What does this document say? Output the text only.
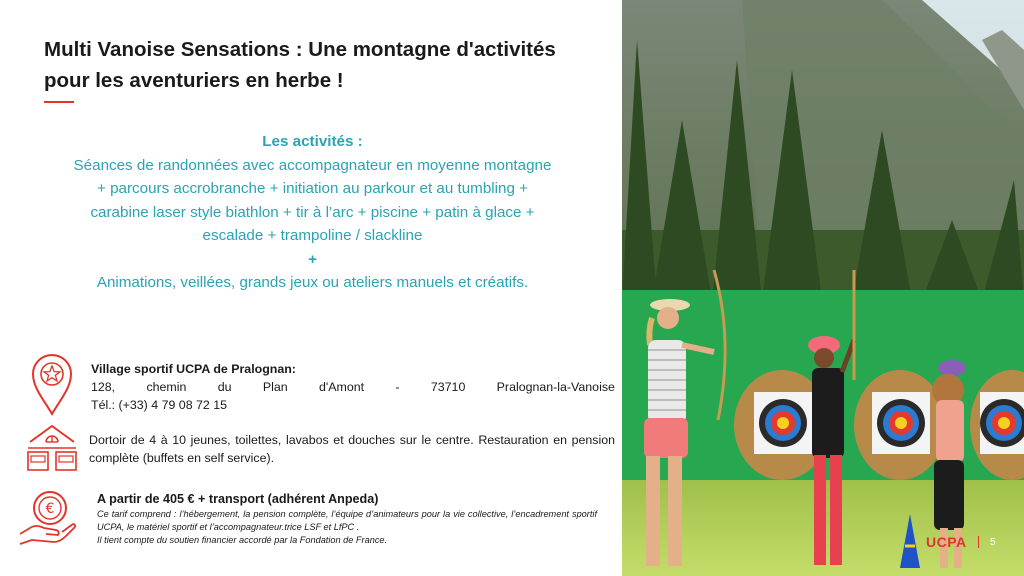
Multi Vanoise Sensations : Une montagne d'activités
pour les aventuriers en herbe !
Les activités :
Séances de randonnées avec accompagnateur en moyenne montagne
+ parcours accrobranche + initiation au parkour et au tumbling +
carabine laser style biathlon + tir à l’arc + piscine + patin à glace +
escalade + trampoline / slackline
+
Animations, veillées, grands jeux ou ateliers manuels et créatifs.
Village sportif UCPA de Pralognan:
128,	chemin	du	Plan	d'Amont	-	73710	Pralognan-la-Vanoise
Tél.: (+33) 4 79 08 72 15
Dortoir de 4 à 10 jeunes, toilettes, lavabos et douches sur le centre. Restauration en pension complète (buffets en self service).
€
A partir de 405 € + transport (adhérent Anpeda)
Ce tarif comprend : l’hébergement, la pension complète, l’équipe d’animateurs pour la vie collective, l’encadrement sportif UCPA, le matériel sportif et l’accompagnateur.trice LSF et LfPC .
Il tient compte du soutien financier accordé par la Fondation de France.	UCPA 5
